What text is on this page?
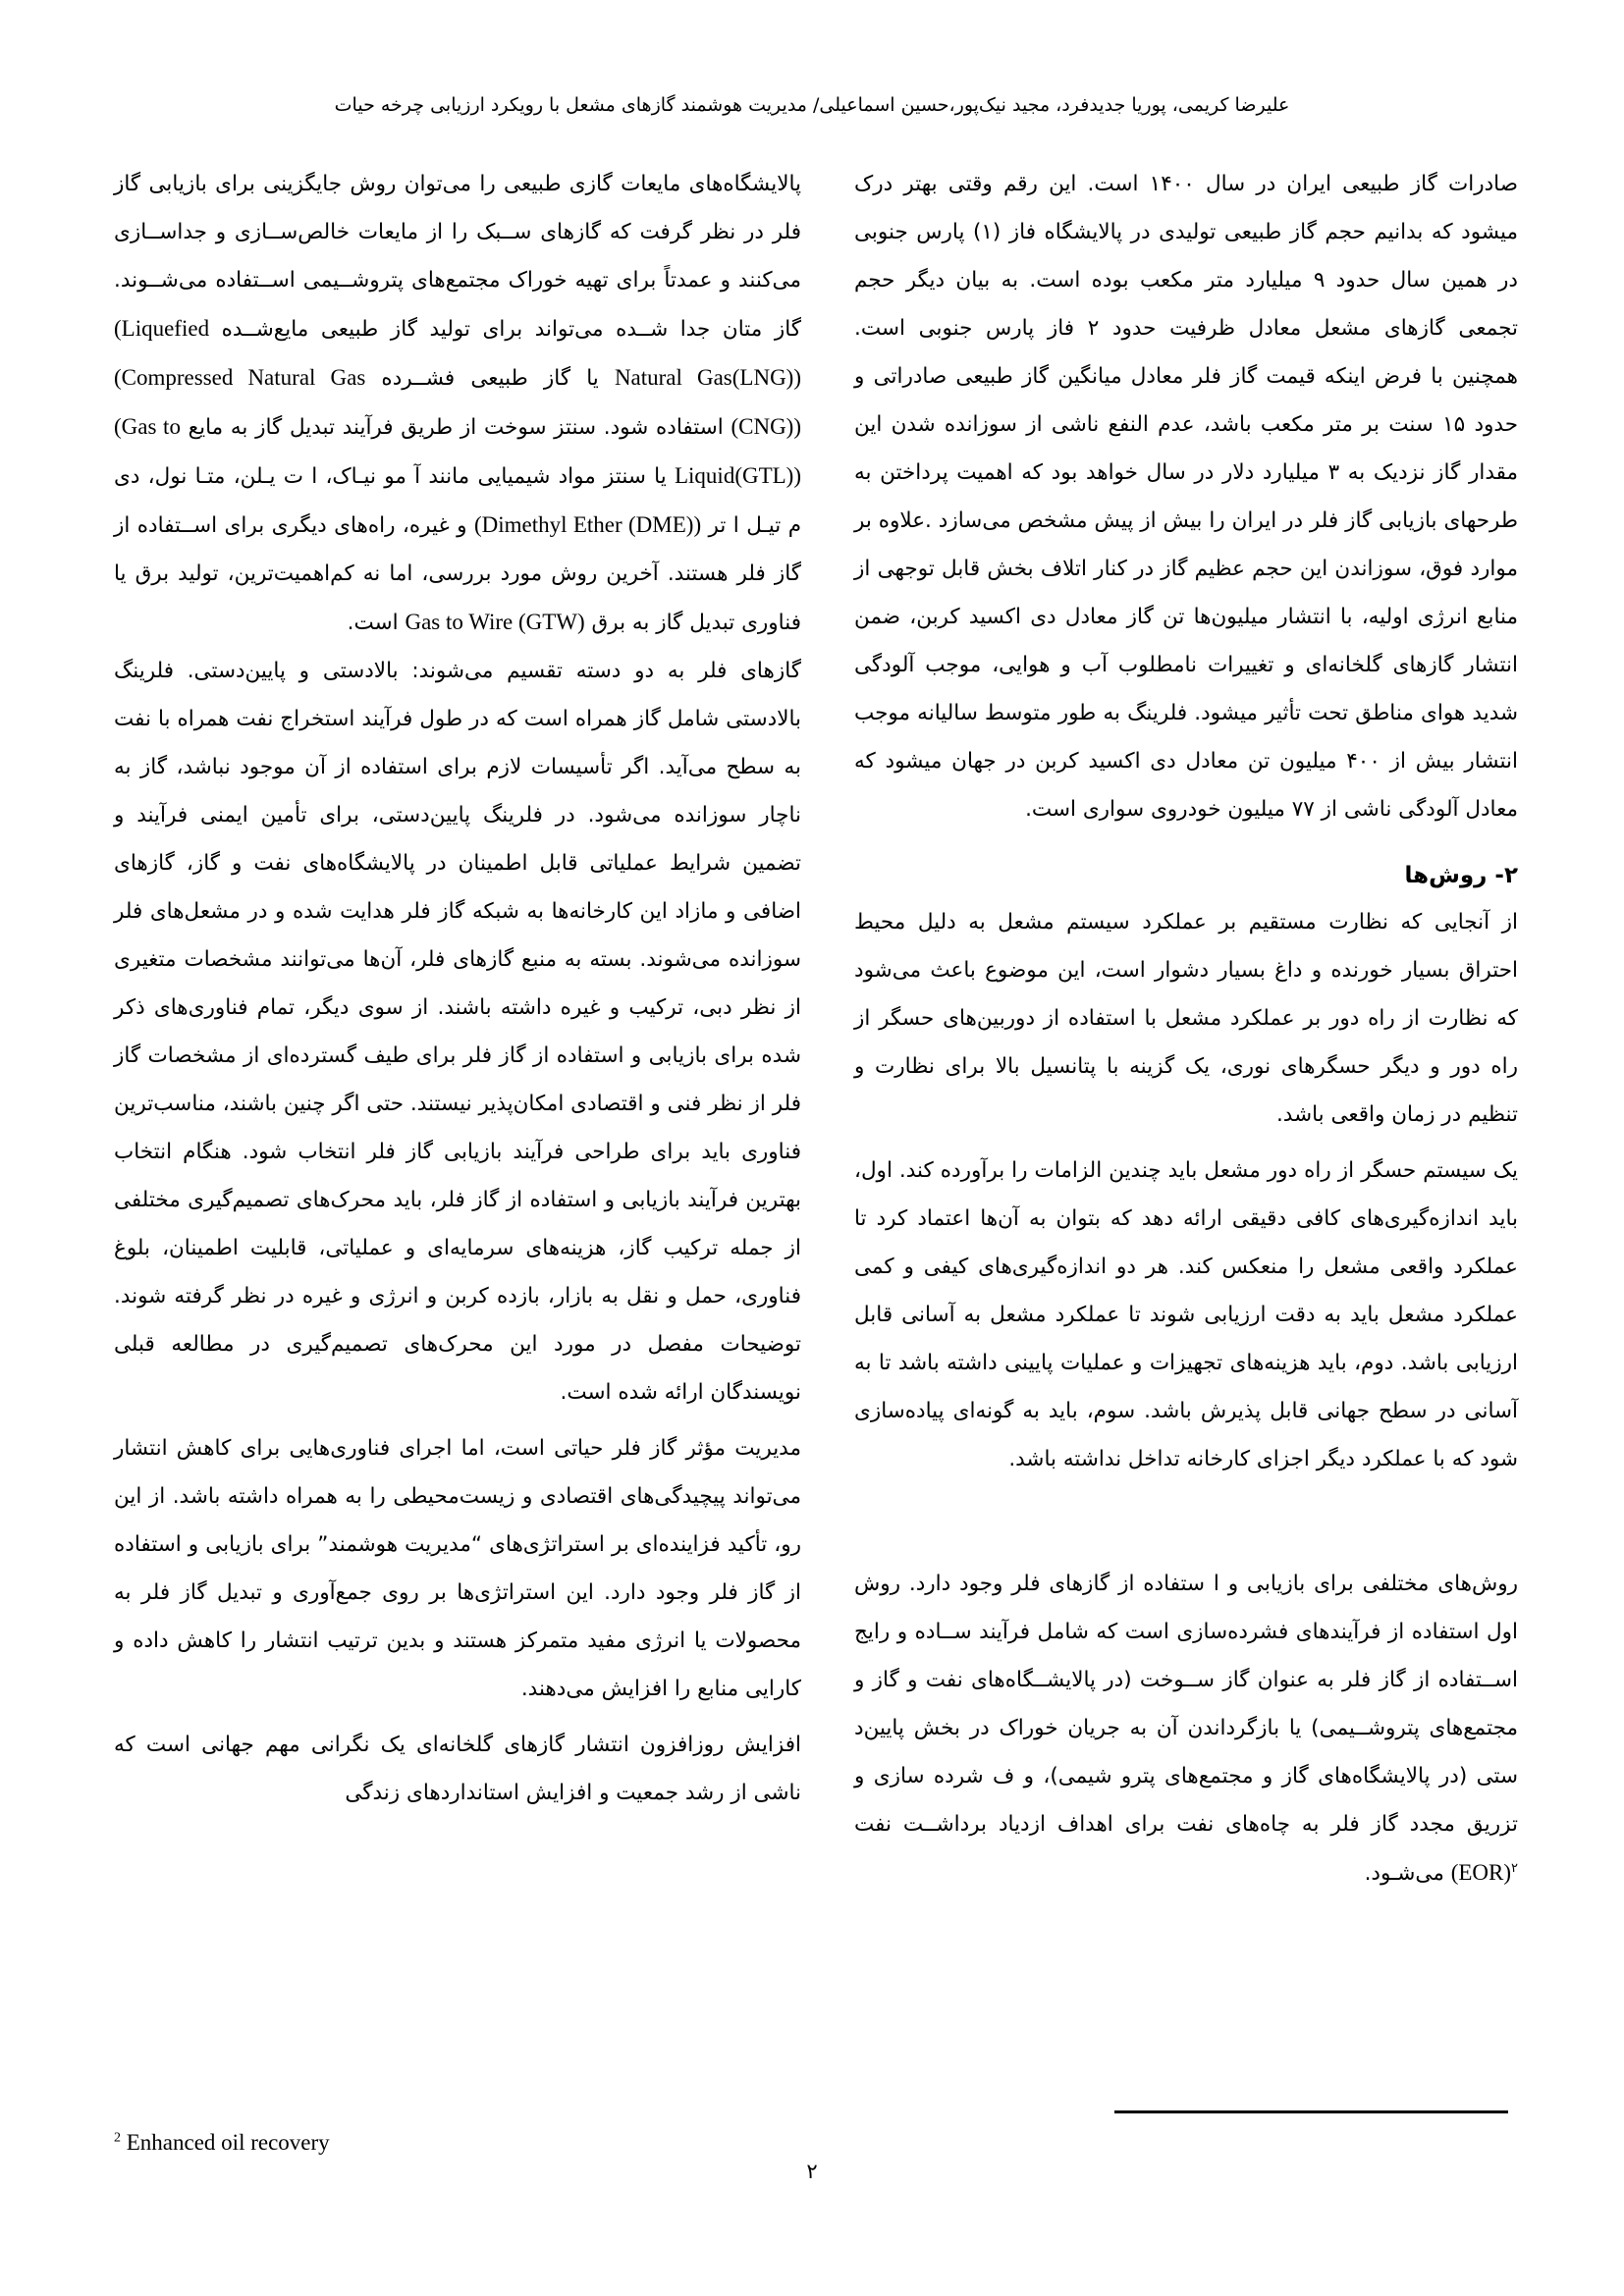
علیرضا کریمی، پوریا جدیدفرد، مجید نیک‌پور،حسین اسماعیلی/ مدیریت هوشمند گازهای مشعل با رویکرد ارزیابی چرخه حیات

صادرات گاز طبیعی ایران در سال ۱۴۰۰ است. این رقم وقتی بهتر درک میشود که بدانیم حجم گاز طبیعی تولیدی در پالایشگاه فاز (۱) پارس جنوبی در همین سال حدود ۹ میلیارد متر مکعب بوده است. به بیان دیگر حجم تجمعی گازهای مشعل معادل ظرفیت حدود ۲ فاز پارس جنوبی است. همچنین با فرض اینکه قیمت گاز فلر معادل میانگین گاز طبیعی صادراتی و حدود ۱۵ سنت بر متر مکعب باشد، عدم النفع ناشی از سوزانده شدن این مقدار گاز نزدیک به ۳ میلیارد دلار در سال خواهد بود که اهمیت پرداختن به طرحهای بازیابی گاز فلر در ایران را بیش از پیش مشخص می‌سازد .علاوه بر موارد فوق، سوزاندن این حجم عظیم گاز در کنار اتلاف بخش قابل توجهی از منابع انرژی اولیه، با انتشار میلیون‌ها تن گاز معادل دی اکسید کربن، ضمن انتشار گازهای گلخانه‌ای و تغییرات نامطلوب آب و هوایی، موجب آلودگی شدید هوای مناطق تحت تأثیر میشود. فلرینگ به طور متوسط سالیانه موجب انتشار بیش از ۴۰۰ میلیون تن معادل دی اکسید کربن در جهان میشود که معادل آلودگی ناشی از ۷۷ میلیون خودروی سواری است.

۲- روش‌ها

از آنجایی که نظارت مستقیم بر عملکرد سیستم مشعل به دلیل محیط احتراق بسیار خورنده و داغ بسیار دشوار است، این موضوع باعث می‌شود که نظارت از راه دور بر عملکرد مشعل با استفاده از دوربین‌های حسگر از راه دور و دیگر حسگرهای نوری، یک گزینه با پتانسیل بالا برای نظارت و تنظیم در زمان واقعی باشد.

یک سیستم حسگر از راه دور مشعل باید چندین الزامات را برآورده کند. اول، باید اندازه‌گیری‌های کافی دقیقی ارائه دهد که بتوان به آن‌ها اعتماد کرد تا عملکرد واقعی مشعل را منعکس کند. هر دو اندازه‌گیری‌های کیفی و کمی عملکرد مشعل باید به دقت ارزیابی شوند تا عملکرد مشعل به آسانی قابل ارزیابی باشد. دوم، باید هزینه‌های تجهیزات و عملیات پایینی داشته باشد تا به آسانی در سطح جهانی قابل پذیرش باشد. سوم، باید به گونه‌ای پیاده‌سازی شود که با عملکرد دیگر اجزای کارخانه تداخل نداشته باشد.

روش‌های مختلفی برای بازیابی و ا ستفاده از گازهای فلر وجود دارد. روش اول استفاده از فرآیندهای فشرده‌سازی است که شامل فرآیند ســاده و رایج اســتفاده از گاز فلر به عنوان گاز ســوخت (در پالایشــگاه‌های نفت و گاز و مجتمع‌های پتروشــیمی) یا بازگرداندن آن به جریان خوراک در بخش پایین‌د ستی (در پالایشگاه‌های گاز و مجتمع‌های پترو شیمی)، و ف شرده سازی و تزریق مجدد گاز فلر به چاه‌های نفت برای اهداف ازدیاد برداشــت نفت (EOR)$^۲$ می‌شـود.

پالایشگاه‌های مایعات گازی طبیعی را می‌توان روش جایگزینی برای بازیابی گاز فلر در نظر گرفت که گازهای ســبک را از مایعات خالص‌ســازی و جداســازی می‌کنند و عمدتاً برای تهیه خوراک مجتمع‌های پتروشــیمی اســتفاده می‌شــوند. گاز متان جدا شــده می‌تواند برای تولید گاز طبیعی مایع‌شــده (Liquefied Natural Gas(LNG)) یا گاز طبیعی فشــرده (Compressed Natural Gas (CNG)) استفاده شود. سنتز سوخت از طریق فرآیند تبدیل گاز به مایع (Gas to Liquid(GTL)) یا سنتز مواد شیمیایی مانند آ مو نیـاک، ا ت یـلن، متـا نول، دی م تیـل ا تر (Dimethyl Ether (DME)) و غیره، راه‌های دیگری برای اســتفاده از گاز فلر هستند. آخرین روش مورد بررسی، اما نه کم‌اهمیت‌ترین، تولید برق یا فناوری تبدیل گاز به برق Gas to Wire (GTW) است.

گازهای فلر به دو دسته تقسیم می‌شوند: بالادستی و پایین‌دستی. فلرینگ بالادستی شامل گاز همراه است که در طول فرآیند استخراج نفت همراه با نفت به سطح می‌آید. اگر تأسیسات لازم برای استفاده از آن موجود نباشد، گاز به ناچار سوزانده می‌شود. در فلرینگ پایین‌دستی، برای تأمین ایمنی فرآیند و تضمین شرایط عملیاتی قابل اطمینان در پالایشگاه‌های نفت و گاز، گازهای اضافی و مازاد این کارخانه‌ها به شبکه گاز فلر هدایت شده و در مشعل‌های فلر سوزانده می‌شوند. بسته به منبع گازهای فلر، آن‌ها می‌توانند مشخصات متغیری از نظر دبی، ترکیب و غیره داشته باشند. از سوی دیگر، تمام فناوری‌های ذکر شده برای بازیابی و استفاده از گاز فلر برای طیف گسترده‌ای از مشخصات گاز فلر از نظر فنی و اقتصادی امکان‌پذیر نیستند. حتی اگر چنین باشند، مناسب‌ترین فناوری باید برای طراحی فرآیند بازیابی گاز فلر انتخاب شود. هنگام انتخاب بهترین فرآیند بازیابی و استفاده از گاز فلر، باید محرک‌های تصمیم‌گیری مختلفی از جمله ترکیب گاز، هزینه‌های سرمایه‌ای و عملیاتی، قابلیت اطمینان، بلوغ فناوری، حمل و نقل به بازار، بازده کربن و انرژی و غیره در نظر گرفته شوند. توضیحات مفصل در مورد این محرک‌های تصمیم‌گیری در مطالعه قبلی نویسندگان ارائه شده است.

مدیریت مؤثر گاز فلر حیاتی است، اما اجرای فناوری‌هایی برای کاهش انتشار می‌تواند پیچیدگی‌های اقتصادی و زیست‌محیطی را به همراه داشته باشد. از این رو، تأکید فزاینده‌ای بر استراتژی‌های “مدیریت هوشمند” برای بازیابی و استفاده از گاز فلر وجود دارد. این استراتژی‌ها بر روی جمع‌آوری و تبدیل گاز فلر به محصولات یا انرژی مفید متمرکز هستند و بدین ترتیب انتشار را کاهش داده و کارایی منابع را افزایش می‌دهند.

افزایش روزافزون انتشار گازهای گلخانه‌ای یک نگرانی مهم جهانی است که ناشی از رشد جمعیت و افزایش استانداردهای زندگی

$^2$ Enhanced oil recovery
۲
